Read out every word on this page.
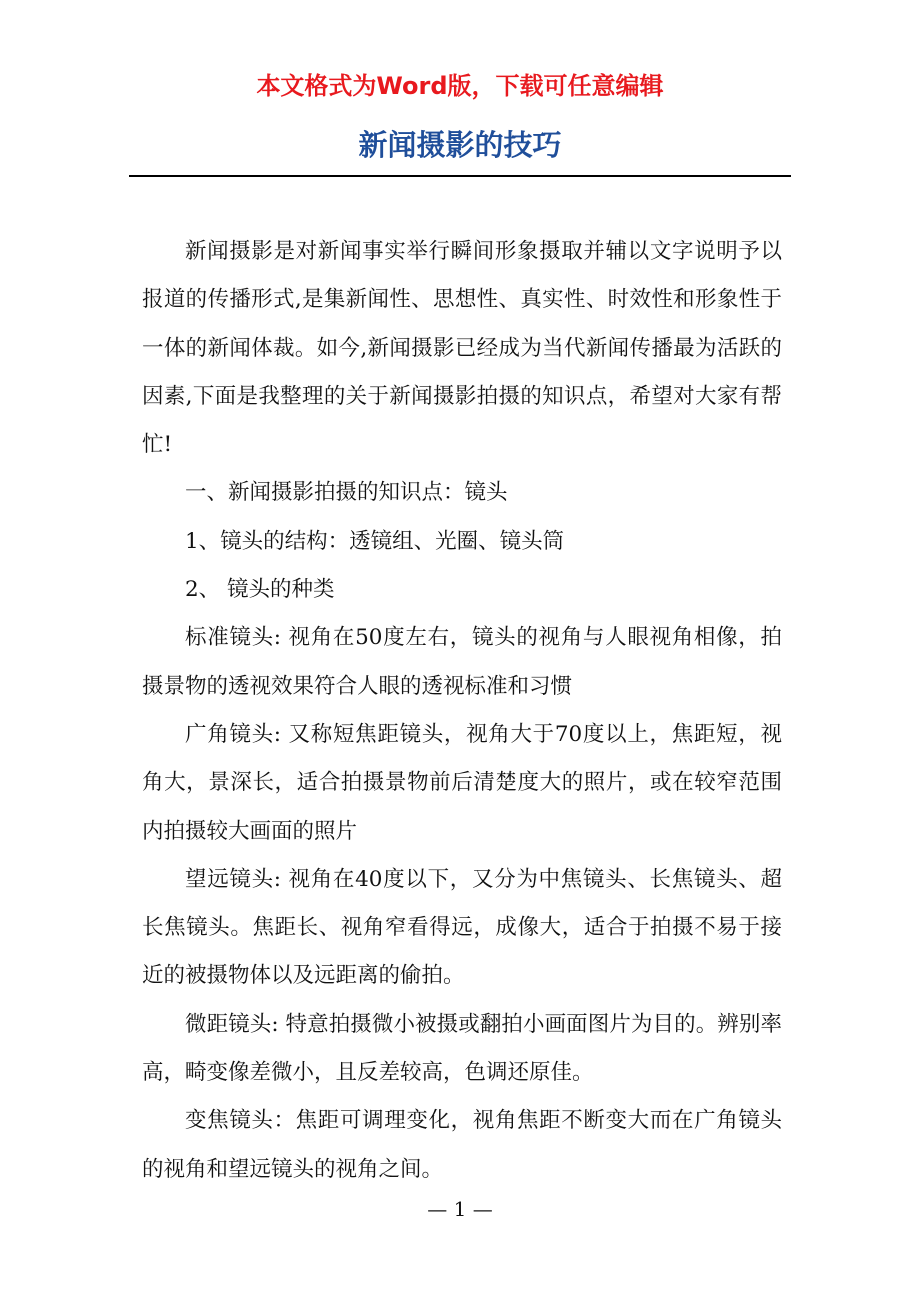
本文格式为Word版，下载可任意编辑
新闻摄影的技巧

新闻摄影是对新闻事实举行瞬间形象摄取并辅以文字说明予以报道的传播形式,是集新闻性、思想性、真实性、时效性和形象性于一体的新闻体裁。如今,新闻摄影已经成为当代新闻传播最为活跃的因素,下面是我整理的关于新闻摄影拍摄的知识点，希望对大家有帮忙!

一、新闻摄影拍摄的知识点：镜头

1、镜头的结构：透镜组、光圈、镜头筒

2、 镜头的种类

标准镜头: 视角在50度左右，镜头的视角与人眼视角相像，拍摄景物的透视效果符合人眼的透视标准和习惯

广角镜头: 又称短焦距镜头，视角大于70度以上，焦距短，视角大，景深长，适合拍摄景物前后清楚度大的照片，或在较窄范围内拍摄较大画面的照片

望远镜头: 视角在40度以下，又分为中焦镜头、长焦镜头、超长焦镜头。焦距长、视角窄看得远，成像大，适合于拍摄不易于接近的被摄物体以及远距离的偷拍。

微距镜头: 特意拍摄微小被摄或翻拍小画面图片为目的。辨别率高，畸变像差微小，且反差较高，色调还原佳。

变焦镜头：焦距可调理变化，视角焦距不断变大而在广角镜头的视角和望远镜头的视角之间。

— 1 —
